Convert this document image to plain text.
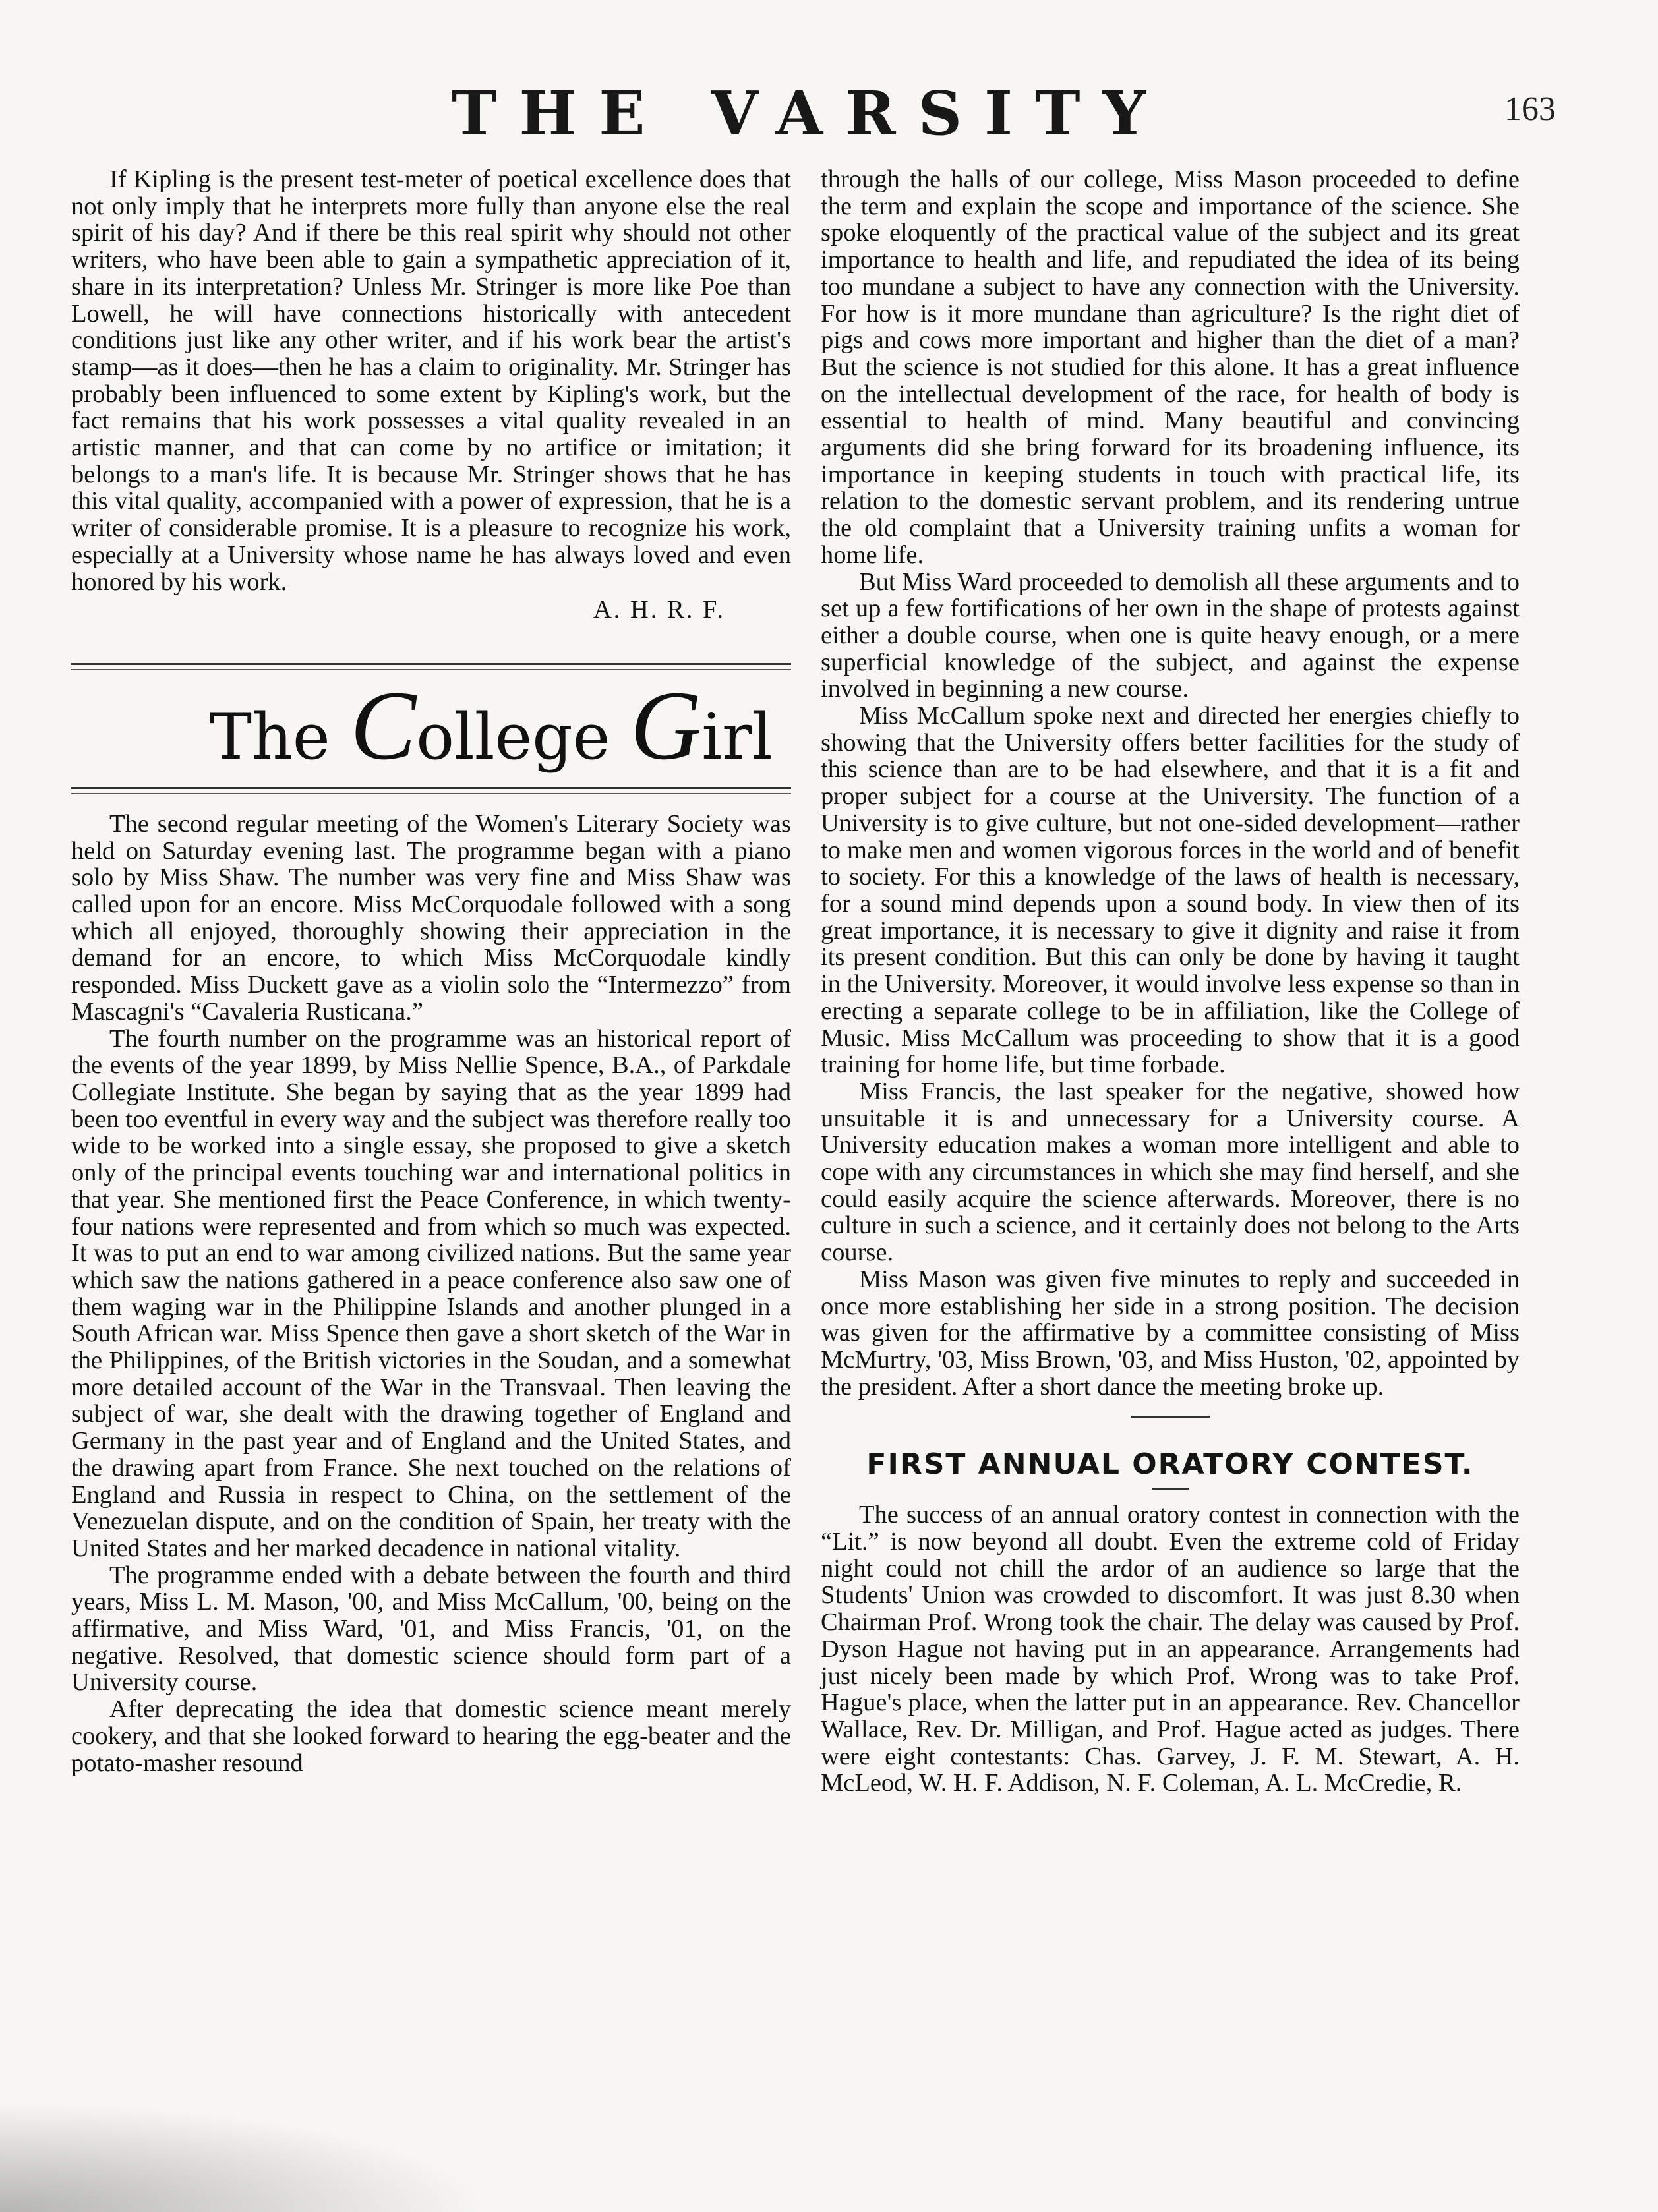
THE VARSITY	163

If Kipling is the present test-meter of poetical excellence does that not only imply that he interprets more fully than anyone else the real spirit of his day? And if there be this real spirit why should not other writers, who have been able to gain a sympathetic appreciation of it, share in its interpretation? Unless Mr. Stringer is more like Poe than Lowell, he will have connections historically with antecedent conditions just like any other writer, and if his work bear the artist's stamp—as it does—then he has a claim to originality. Mr. Stringer has probably been influenced to some extent by Kipling's work, but the fact remains that his work possesses a vital quality revealed in an artistic manner, and that can come by no artifice or imitation; it belongs to a man's life. It is because Mr. Stringer shows that he has this vital quality, accompanied with a power of expression, that he is a writer of considerable promise. It is a pleasure to recognize his work, especially at a University whose name he has always loved and even honored by his work.

A. H. R. F.
The College Girl

The second regular meeting of the Women's Literary Society was held on Saturday evening last. The programme began with a piano solo by Miss Shaw. The number was very fine and Miss Shaw was called upon for an encore. Miss McCorquodale followed with a song which all enjoyed, thoroughly showing their appreciation in the demand for an encore, to which Miss McCorquodale kindly responded. Miss Duckett gave as a violin solo the “Intermezzo” from Mascagni's “Cavaleria Rusticana.”

The fourth number on the programme was an historical report of the events of the year 1899, by Miss Nellie Spence, B.A., of Parkdale Collegiate Institute. She began by saying that as the year 1899 had been too eventful in every way and the subject was therefore really too wide to be worked into a single essay, she proposed to give a sketch only of the principal events touching war and international politics in that year. She mentioned first the Peace Conference, in which twenty-four nations were represented and from which so much was expected. It was to put an end to war among civilized nations. But the same year which saw the nations gathered in a peace conference also saw one of them waging war in the Philippine Islands and another plunged in a South African war. Miss Spence then gave a short sketch of the War in the Philippines, of the British victories in the Soudan, and a somewhat more detailed account of the War in the Transvaal. Then leaving the subject of war, she dealt with the drawing together of England and Germany in the past year and of England and the United States, and the drawing apart from France. She next touched on the relations of England and Russia in respect to China, on the settlement of the Venezuelan dispute, and on the condition of Spain, her treaty with the United States and her marked decadence in national vitality.

The programme ended with a debate between the fourth and third years, Miss L. M. Mason, '00, and Miss McCallum, '00, being on the affirmative, and Miss Ward, '01, and Miss Francis, '01, on the negative. Resolved, that domestic science should form part of a University course.

After deprecating the idea that domestic science meant merely cookery, and that she looked forward to hearing the egg-beater and the potato-masher resound

through the halls of our college, Miss Mason proceeded to define the term and explain the scope and importance of the science. She spoke eloquently of the practical value of the subject and its great importance to health and life, and repudiated the idea of its being too mundane a subject to have any connection with the University. For how is it more mundane than agriculture? Is the right diet of pigs and cows more important and higher than the diet of a man? But the science is not studied for this alone. It has a great influence on the intellectual development of the race, for health of body is essential to health of mind. Many beautiful and convincing arguments did she bring forward for its broadening influence, its importance in keeping students in touch with practical life, its relation to the domestic servant problem, and its rendering untrue the old complaint that a University training unfits a woman for home life.

But Miss Ward proceeded to demolish all these arguments and to set up a few fortifications of her own in the shape of protests against either a double course, when one is quite heavy enough, or a mere superficial knowledge of the subject, and against the expense involved in beginning a new course.

Miss McCallum spoke next and directed her energies chiefly to showing that the University offers better facilities for the study of this science than are to be had elsewhere, and that it is a fit and proper subject for a course at the University. The function of a University is to give culture, but not one-sided development—rather to make men and women vigorous forces in the world and of benefit to society. For this a knowledge of the laws of health is necessary, for a sound mind depends upon a sound body. In view then of its great importance, it is necessary to give it dignity and raise it from its present condition. But this can only be done by having it taught in the University. Moreover, it would involve less expense so than in erecting a separate college to be in affiliation, like the College of Music. Miss McCallum was proceeding to show that it is a good training for home life, but time forbade.

Miss Francis, the last speaker for the negative, showed how unsuitable it is and unnecessary for a University course. A University education makes a woman more intelligent and able to cope with any circumstances in which she may find herself, and she could easily acquire the science afterwards. Moreover, there is no culture in such a science, and it certainly does not belong to the Arts course.

Miss Mason was given five minutes to reply and succeeded in once more establishing her side in a strong position. The decision was given for the affirmative by a committee consisting of Miss McMurtry, '03, Miss Brown, '03, and Miss Huston, '02, appointed by the president. After a short dance the meeting broke up.

FIRST ANNUAL ORATORY CONTEST.

The success of an annual oratory contest in connection with the “Lit.” is now beyond all doubt. Even the extreme cold of Friday night could not chill the ardor of an audience so large that the Students' Union was crowded to discomfort. It was just 8.30 when Chairman Prof. Wrong took the chair. The delay was caused by Prof. Dyson Hague not having put in an appearance. Arrangements had just nicely been made by which Prof. Wrong was to take Prof. Hague's place, when the latter put in an appearance. Rev. Chancellor Wallace, Rev. Dr. Milligan, and Prof. Hague acted as judges. There were eight contestants: Chas. Garvey, J. F. M. Stewart, A. H. McLeod, W. H. F. Addison, N. F. Coleman, A. L. McCredie, R.
